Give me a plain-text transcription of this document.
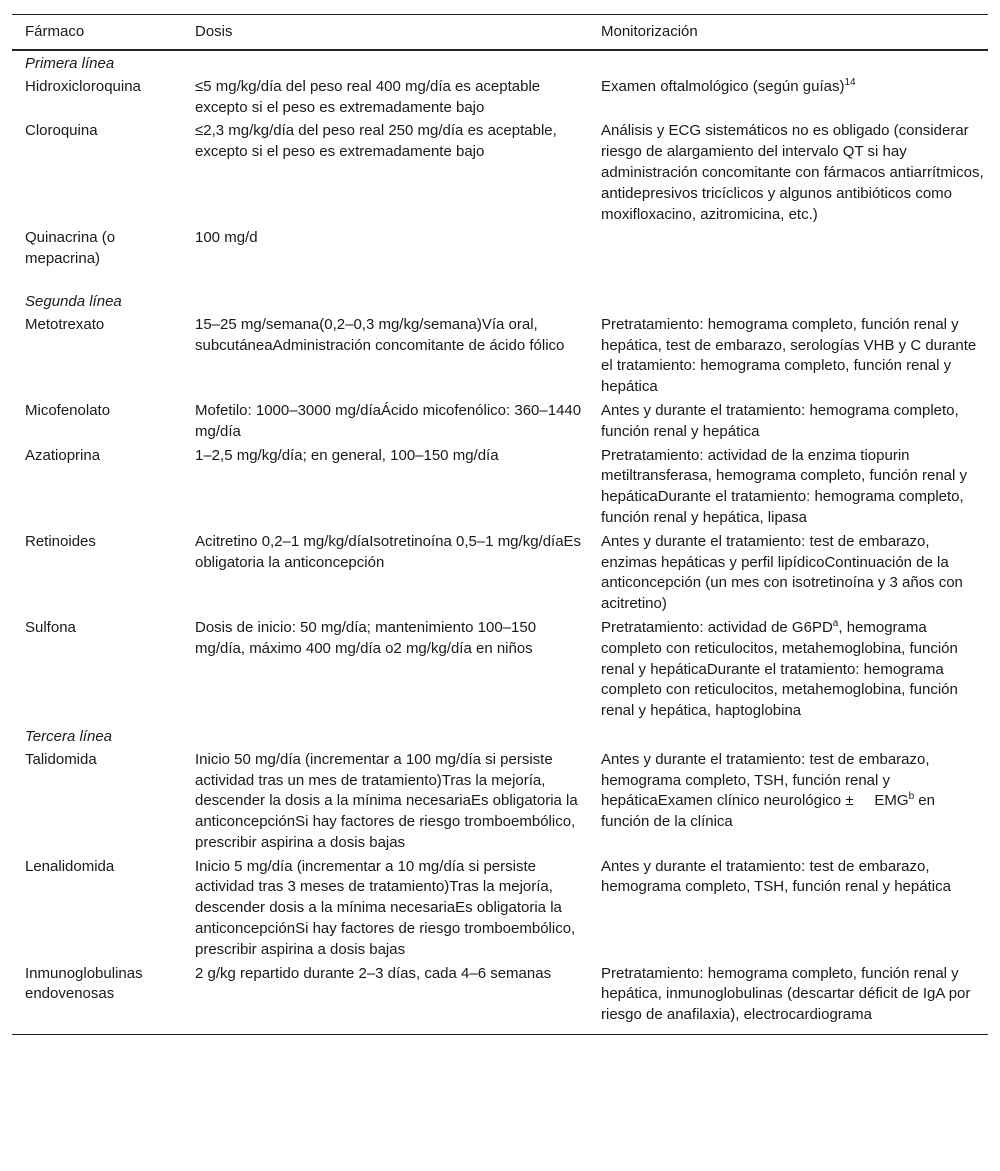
Fármaco	Dosis	Monitorización
Primera línea		
Hidroxicloroquina	≤5 mg/kg/día del peso real 400 mg/día es aceptable excepto si el peso es extremadamente bajo	Examen oftalmológico (según guías)$^{14}$
Cloroquina	≤2,3 mg/kg/día del peso real 250 mg/día es aceptable, excepto si el peso es extremadamente bajo	Análisis y ECG sistemáticos no es obligado (considerar riesgo de alargamiento del intervalo QT si hay administración concomitante con fármacos antiarrítmicos, antidepresivos tricíclicos y algunos antibióticos como moxifloxacino, azitromicina, etc.)
Quinacrina (o mepacrina)	100 mg/d	
Segunda línea		
Metotrexato	15–25 mg/semana(0,2–0,3 mg/kg/semana)Vía oral, subcutáneaAdministración concomitante de ácido fólico	Pretratamiento: hemograma completo, función renal y hepática, test de embarazo, serologías VHB y C durante el tratamiento: hemograma completo, función renal y hepática
Micofenolato	Mofetilo: 1000–3000 mg/díaÁcido micofenólico: 360–1440 mg/día	Antes y durante el tratamiento: hemograma completo, función renal y hepática
Azatioprina	1–2,5 mg/kg/día; en general, 100–150 mg/día	Pretratamiento: actividad de la enzima tiopurin metiltransferasa, hemograma completo, función renal y hepáticaDurante el tratamiento: hemograma completo, función renal y hepática, lipasa
Retinoides	Acitretino 0,2–1 mg/kg/díaIsotretinoína 0,5–1 mg/kg/díaEs obligatoria la anticoncepción	Antes y durante el tratamiento: test de embarazo, enzimas hepáticas y perfil lipídicoContinuación de la anticoncepción (un mes con isotretinoína y 3 años con acitretino)
Sulfona	Dosis de inicio: 50 mg/día; mantenimiento 100–150 mg/día, máximo 400 mg/día o2 mg/kg/día en niños	Pretratamiento: actividad de $G6PD^a$, hemograma completo con reticulocitos, metahemoglobina, función renal y hepáticaDurante el tratamiento: hemograma completo con reticulocitos, metahemoglobina, función renal y hepática, haptoglobina
Tercera línea		
Talidomida	Inicio 50 mg/día (incrementar a 100 mg/día si persiste actividad tras un mes de tratamiento)Tras la mejoría, descender la dosis a la mínima necesariaEs obligatoria la anticoncepciónSi hay factores de riesgo tromboembólico, prescribir aspirina a dosis bajas	Antes y durante el tratamiento: test de embarazo, hemograma completo, TSH, función renal y hepáticaExamen clínico neurológico ±     EMG$^b$ en función de la clínica
Lenalidomida	Inicio 5 mg/día (incrementar a 10 mg/día si persiste actividad tras 3 meses de tratamiento)Tras la mejoría, descender dosis a la mínima necesariaEs obligatoria la anticoncepciónSi hay factores de riesgo tromboembólico, prescribir aspirina a dosis bajas	Antes y durante el tratamiento: test de embarazo, hemograma completo, TSH, función renal y hepática
Inmunoglobulinas endovenosas	2 g/kg repartido durante 2–3 días, cada 4–6 semanas	Pretratamiento: hemograma completo, función renal y hepática, inmunoglobulinas (descartar déficit de IgA por riesgo de anafilaxia), electrocardiograma
